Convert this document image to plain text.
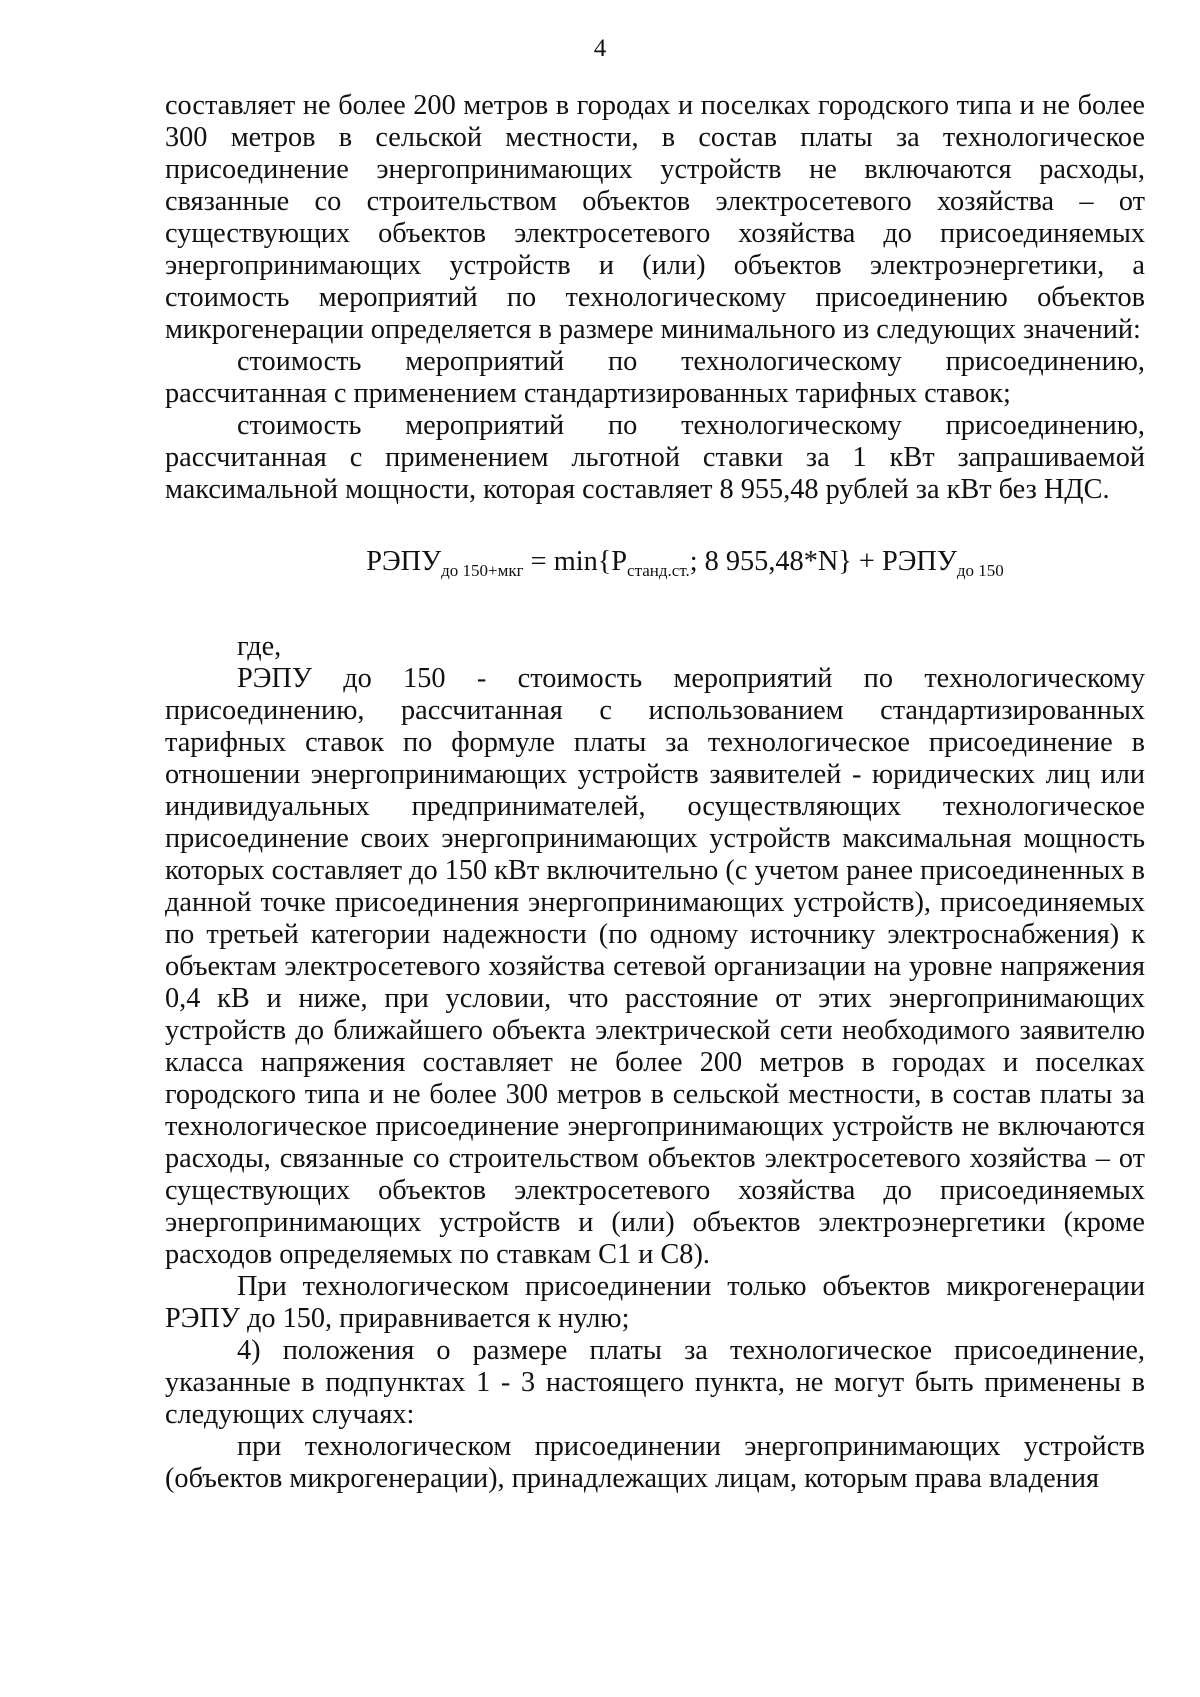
4

составляет не более 200 метров в городах и поселках городского типа и не более 300 метров в сельской местности, в состав платы за технологическое присоединение энергопринимающих устройств не включаются расходы, связанные со строительством объектов электросетевого хозяйства – от существующих объектов электросетевого хозяйства до присоединяемых энергопринимающих устройств и (или) объектов электроэнергетики, а стоимость мероприятий по технологическому присоединению объектов микрогенерации определяется в размере минимального из следующих значений:

стоимость мероприятий по технологическому присоединению, рассчитанная с применением стандартизированных тарифных ставок;

стоимость мероприятий по технологическому присоединению, рассчитанная с применением льготной ставки за 1 кВт запрашиваемой максимальной мощности, которая составляет 8 955,48 рублей за кВт без НДС.

$РЭПУ_{до 150+мкг} = \min\{Р_{станд.ст.}$; 8 $955,48*N\} + РЭПУ_{до 150}$

где,

РЭПУ до 150 - стоимость мероприятий по технологическому присоединению, рассчитанная с использованием стандартизированных тарифных ставок по формуле платы за технологическое присоединение в отношении энергопринимающих устройств заявителей - юридических лиц или индивидуальных предпринимателей, осуществляющих технологическое присоединение своих энергопринимающих устройств максимальная мощность которых составляет до 150 кВт включительно (с учетом ранее присоединенных в данной точке присоединения энергопринимающих устройств), присоединяемых по третьей категории надежности (по одному источнику электроснабжения) к объектам электросетевого хозяйства сетевой организации на уровне напряжения 0,4 кВ и ниже, при условии, что расстояние от этих энергопринимающих устройств до ближайшего объекта электрической сети необходимого заявителю класса напряжения составляет не более 200 метров в городах и поселках городского типа и не более 300 метров в сельской местности, в состав платы за технологическое присоединение энергопринимающих устройств не включаются расходы, связанные со строительством объектов электросетевого хозяйства – от существующих объектов электросетевого хозяйства до присоединяемых энергопринимающих устройств и (или) объектов электроэнергетики (кроме расходов определяемых по ставкам С1 и С8).

При технологическом присоединении только объектов микрогенерации РЭПУ до 150, приравнивается к нулю;

4) положения о размере платы за технологическое присоединение, указанные в подпунктах 1 - 3 настоящего пункта, не могут быть применены в следующих случаях:

при технологическом присоединении энергопринимающих устройств (объектов микрогенерации), принадлежащих лицам, которым права владения
